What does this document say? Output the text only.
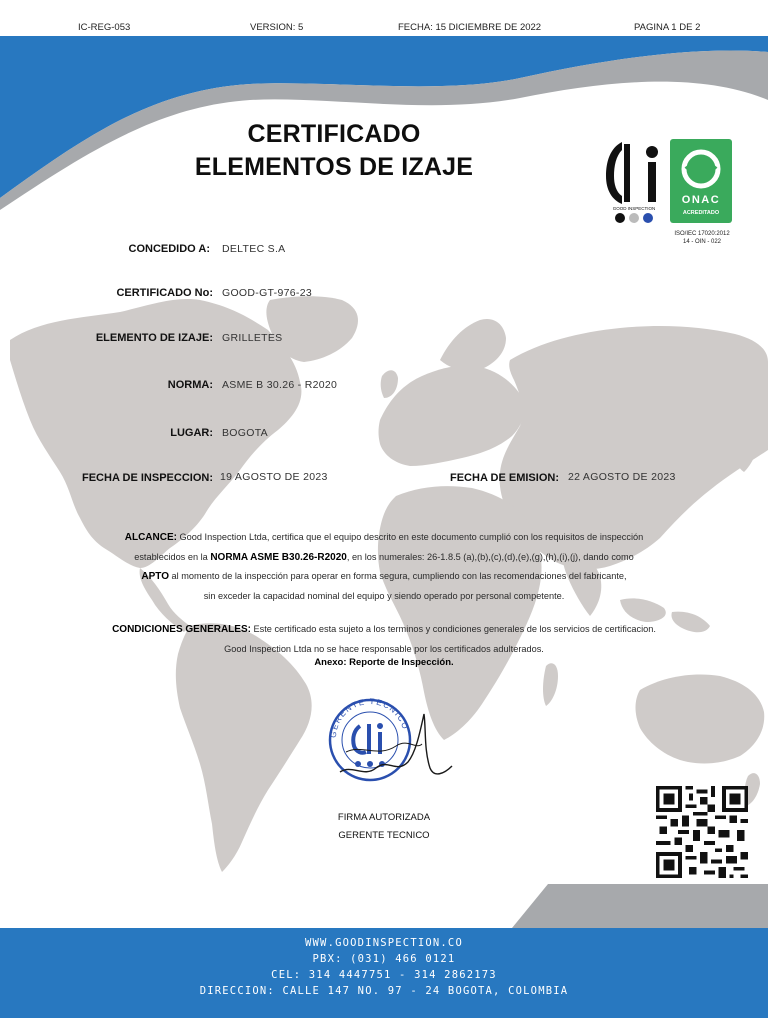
IC-REG-053	VERSION: 5	FECHA: 15 DICIEMBRE DE 2022	PAGINA 1 DE 2
CERTIFICADO
ELEMENTOS DE IZAJE
GOOD INSPECTION
ONAC
ACREDITADO
ISO/IEC 17020:2012
14 - OIN - 022
CONCEDIDO A: DELTEC S.A
CERTIFICADO No: GOOD-GT-976-23
ELEMENTO DE IZAJE: GRILLETES
NORMA: ASME B 30.26 - R2020
LUGAR: BOGOTA
FECHA DE INSPECCION: 19 AGOSTO DE 2023	FECHA DE EMISION: 22 AGOSTO DE 2023
ALCANCE: Good Inspection Ltda, certifica que el equipo descrito en este documento cumplió con los requisitos de inspección
establecidos en la NORMA ASME B30.26-R2020, en los numerales: 26-1.8.5 (a),(b),(c),(d),(e),(g),(h),(i),(j), dando como
APTO al momento de la inspección para operar en forma segura, cumpliendo con las recomendaciones del fabricante,
sin exceder la capacidad nominal del equipo y siendo operado por personal competente.
CONDICIONES GENERALES: Este certificado esta sujeto a los terminos y condiciones generales de los servicios de certificacion.
Good Inspection Ltda no se hace responsable por los certificados adulterados.
Anexo: Reporte de Inspección.
GERENTE TECNICO
FIRMA AUTORIZADA
GERENTE TECNICO
WWW.GOODINSPECTION.CO
PBX: (031) 466 0121
CEL: 314 4447751 - 314 2862173
DIRECCION: CALLE 147 NO. 97 - 24 BOGOTA, COLOMBIA
